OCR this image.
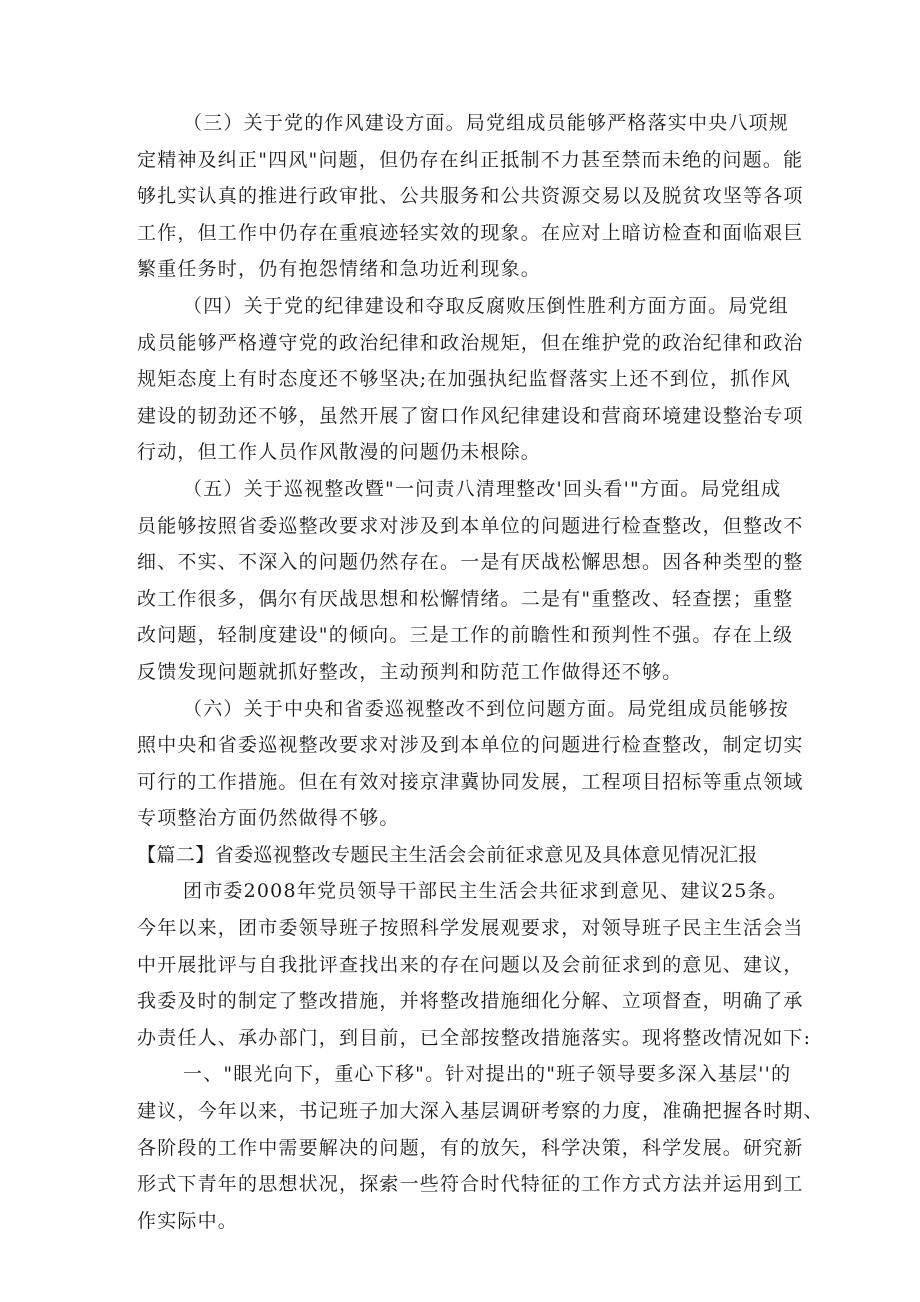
（三）关于党的作风建设方面。局党组成员能够严格落实中央八项规
定精神及纠正"四风"问题，但仍存在纠正抵制不力甚至禁而未绝的问题。能
够扎实认真的推进行政审批、公共服务和公共资源交易以及脱贫攻坚等各项
工作，但工作中仍存在重痕迹轻实效的现象。在应对上暗访检查和面临艰巨
繁重任务时，仍有抱怨情绪和急功近利现象。
（四）关于党的纪律建设和夺取反腐败压倒性胜利方面方面。局党组
成员能够严格遵守党的政治纪律和政治规矩，但在维护党的政治纪律和政治
规矩态度上有时态度还不够坚决;在加强执纪监督落实上还不到位，抓作风
建设的韧劲还不够，虽然开展了窗口作风纪律建设和营商环境建设整治专项
行动，但工作人员作风散漫的问题仍未根除。
（五）关于巡视整改暨"一问责八清理整改'回头看'"方面。局党组成
员能够按照省委巡整改要求对涉及到本单位的问题进行检查整改，但整改不
细、不实、不深入的问题仍然存在。一是有厌战松懈思想。因各种类型的整
改工作很多，偶尔有厌战思想和松懈情绪。二是有"重整改、轻查摆；重整
改问题，轻制度建设"的倾向。三是工作的前瞻性和预判性不强。存在上级
反馈发现问题就抓好整改，主动预判和防范工作做得还不够。
（六）关于中央和省委巡视整改不到位问题方面。局党组成员能够按
照中央和省委巡视整改要求对涉及到本单位的问题进行检查整改，制定切实
可行的工作措施。但在有效对接京津冀协同发展，工程项目招标等重点领域
专项整治方面仍然做得不够。
【篇二】省委巡视整改专题民主生活会会前征求意见及具体意见情况汇报
团市委2008年党员领导干部民主生活会共征求到意见、建议25条。
今年以来，团市委领导班子按照科学发展观要求，对领导班子民主生活会当
中开展批评与自我批评查找出来的存在问题以及会前征求到的意见、建议，
我委及时的制定了整改措施，并将整改措施细化分解、立项督查，明确了承
办责任人、承办部门，到目前，已全部按整改措施落实。现将整改情况如下:
一、"眼光向下，重心下移"。针对提出的"班子领导要多深入基层''的
建议，今年以来，书记班子加大深入基层调研考察的力度，准确把握各时期、
各阶段的工作中需要解决的问题，有的放矢，科学决策，科学发展。研究新
形式下青年的思想状况，探索一些符合时代特征的工作方式方法并运用到工
作实际中。
